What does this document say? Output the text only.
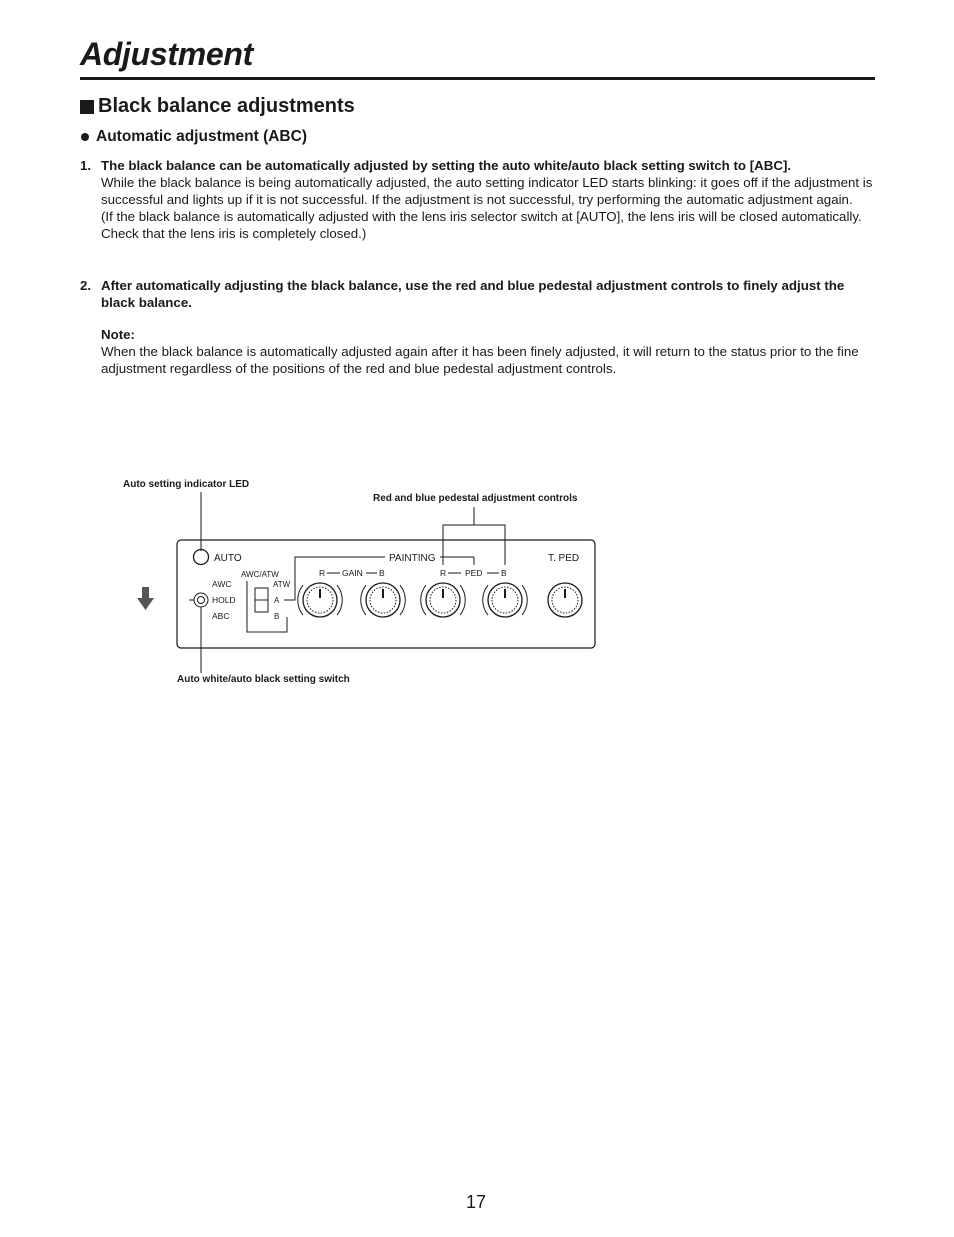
Adjustment
Black balance adjustments
Automatic adjustment (ABC)
1. The black balance can be automatically adjusted by setting the auto white/auto black setting switch to [ABC].

While the black balance is being automatically adjusted, the auto setting indicator LED starts blinking: it goes off if the adjustment is successful and lights up if it is not successful. If the adjustment is not successful, try performing the automatic adjustment again.

(If the black balance is automatically adjusted with the lens iris selector switch at [AUTO], the lens iris will be closed automatically. Check that the lens iris is completely closed.)

2. After automatically adjusting the black balance, use the red and blue pedestal adjustment controls to finely adjust the black balance.

Note:

When the black balance is automatically adjusted again after it has been finely adjusted, it will return to the status prior to the fine adjustment regardless of the positions of the red and blue pedestal adjustment controls.

Auto setting indicator LED
Red and blue pedestal adjustment controls
Auto white/auto black setting switch
AUTO
AWC
HOLD
ABC
AWC/ATW
ATW
A
B
PAINTING
R GAIN B	R PED B
T. PED
17
